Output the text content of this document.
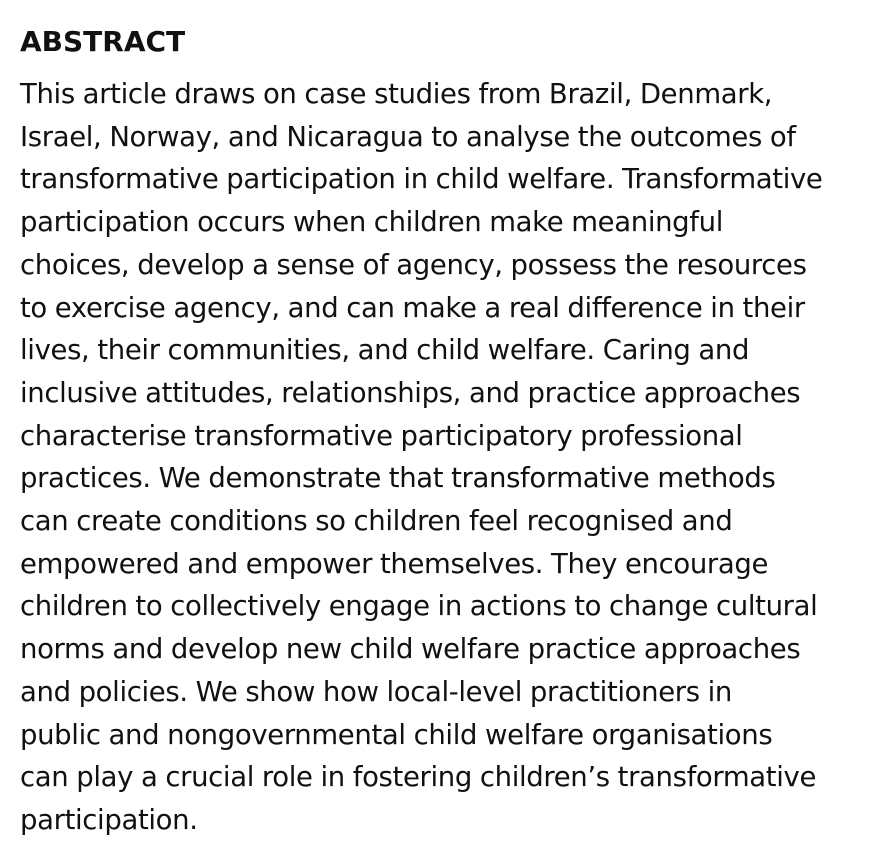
ABSTRACT

This article draws on case studies from Brazil, Denmark,
Israel, Norway, and Nicaragua to analyse the outcomes of
transformative participation in child welfare. Transformative
participation occurs when children make meaningful
choices, develop a sense of agency, possess the resources
to exercise agency, and can make a real difference in their
lives, their communities, and child welfare. Caring and
inclusive attitudes, relationships, and practice approaches
characterise transformative participatory professional
practices. We demonstrate that transformative methods
can create conditions so children feel recognised and
empowered and empower themselves. They encourage
children to collectively engage in actions to change cultural
norms and develop new child welfare practice approaches
and policies. We show how local-level practitioners in
public and nongovernmental child welfare organisations
can play a crucial role in fostering children’s transformative
participation.
